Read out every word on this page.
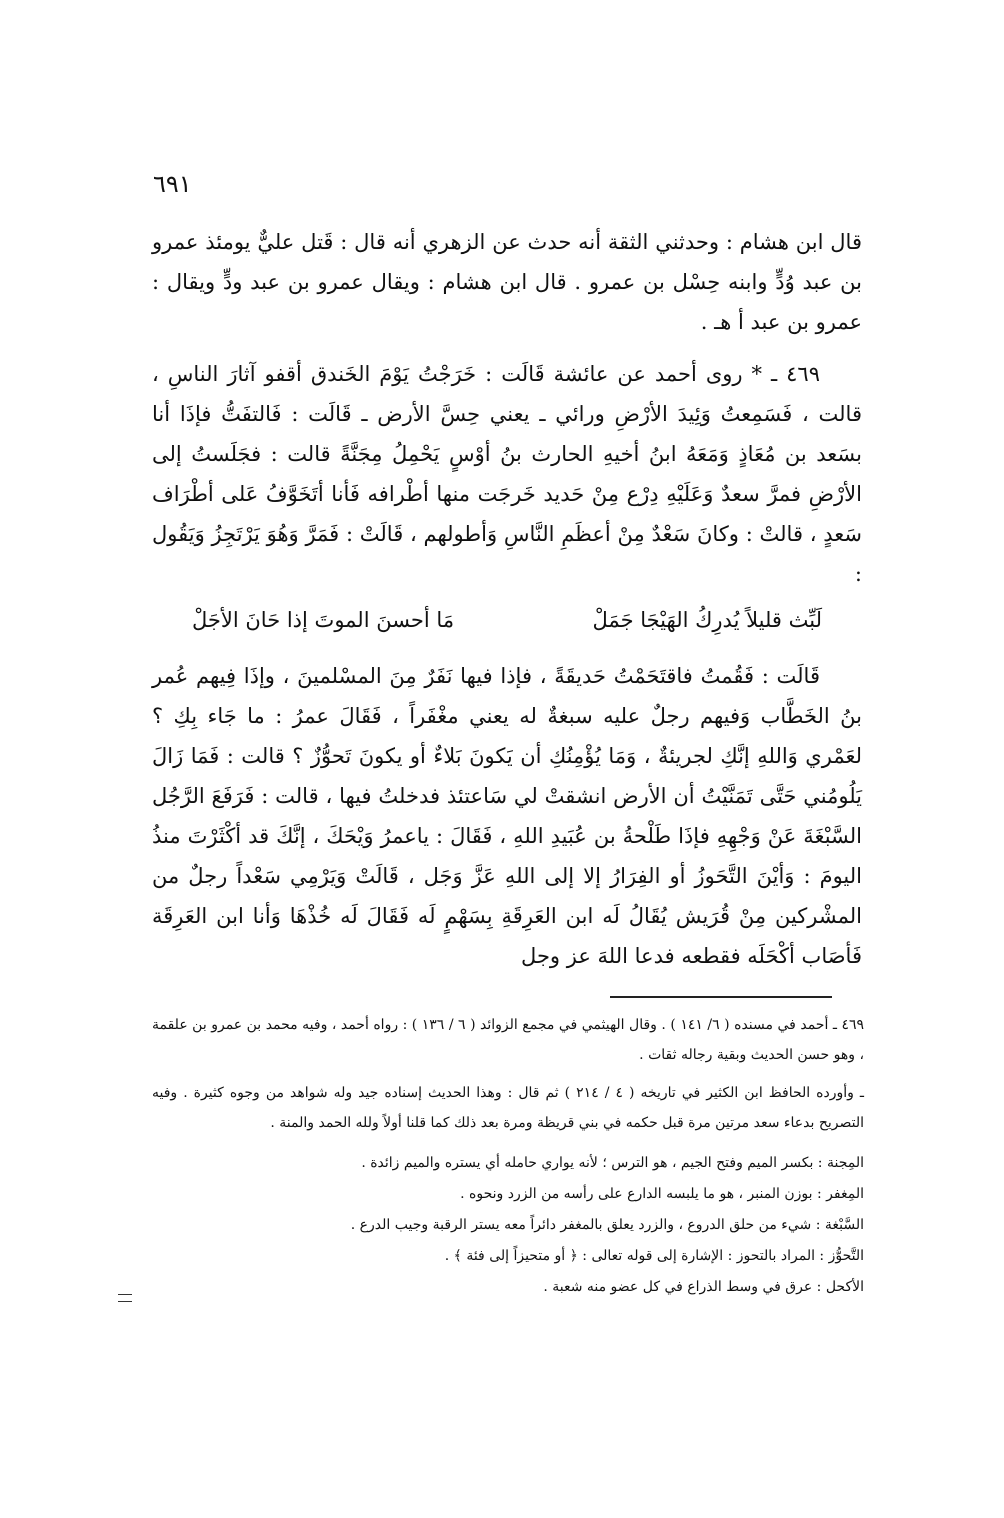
٦٩١

قال ابن هشام : وحدثني الثقة أنه حدث عن الزهري أنه قال : قَتل عليٌّ يومئذ عمرو بن عبد وُدٍّ وابنه حِسْل بن عمرو . قال ابن هشام : ويقال عمرو بن عبد ودٍّ ويقال : عمرو بن عبد أ هـ .

٤٦٩ ـ * روى أحمد عن عائشة قَالَت : خَرَجْتُ يَوْمَ الخَندق أقفو آثارَ الناسِ ، قالت ، فَسَمِعتُ وَئِيدَ الأرْضِ ورائي ـ يعني حِسَّ الأرض ـ قَالَت : فَالتفَتُّ فإذَا أنا بسَعد بن مُعَاذٍ وَمَعَهُ ابنُ أخيهِ الحارث بنُ أوْسٍ يَحْمِلُ مِجَنَّةً قالت : فجَلَستُ إلى الأرْضِ فمرَّ سعدٌ وَعَلَيْهِ دِرْع مِنْ حَديد خَرجَت منها أطْرافه فَأنا أتَخَوَّفُ عَلى أطْرَاف سَعدٍ ، قالتْ : وكانَ سَعْدٌ مِنْ أعظَمِ النَّاسِ وَأطولهم ، قَالَتْ : فَمَرَّ وَهُوَ يَرْتَجِزُ وَيَقُول :

لَبِّث قليلاً يُدرِكُ الهَيْجَا جَمَلْ
مَا أحسنَ الموتَ إذا حَانَ الأجَلْ

قَالَت : فَقُمتُ فاقتَحَمْتُ حَديقَةً ، فإذا فيها نَفَرٌ مِنَ المسْلمينَ ، وإذَا فِيهم عُمر بنُ الخَطَّاب وَفيهم رجلٌ عليه سبغةٌ له يعني مغْفَراً ، فَقَالَ عمرُ : ما جَاء بِكِ ؟ لعَمْري وَاللهِ إنَّكِ لجريئةٌ ، وَمَا يُؤْمِنُكِ أن يَكونَ بَلاءٌ أو يكونَ تَحوُّزٌ ؟ قالت : فَمَا زَالَ يَلُومُني حَتَّى تَمَنَّيْتُ أن الأرض انشقتْ لي سَاعتئذ فدخلتُ فيها ، قالت : فَرَفَعَ الرَّجُل السَّبْغَةَ عَنْ وَجْهِهِ فإذَا طَلْحةُ بن عُبَيدِ اللهِ ، فَقَالَ : ياعمرُ وَيْحَكَ ، إنَّكَ قد أكْثَرْتَ منذُ اليومَ : وَأيْنَ التَّحَوزُ أو الفِرَارُ إلا إلى اللهِ عَزَّ وَجَل ، قَالَتْ وَيَرْمِي سَعْداً رجلٌ من المشْركين مِنْ قُرَيش يُقَالُ لَه ابن العَرِقَةِ بِسَهْمٍ لَه فَقَالَ لَه خُذْهَا وَأنا ابن العَرِقَة فَأصَاب أكْحَلَه فقطعه فدعا اللهَ عز وجل

٤٦٩ ـ أحمد في مسنده ( ٦/ ١٤١ ) . وقال الهيثمي في مجمع الزوائد ( ٦ / ١٣٦ ) : رواه أحمد ، وفيه محمد بن عمرو بن علقمة ، وهو حسن الحديث وبقية رجاله ثقات .

ـ وأورده الحافظ ابن الكثير في تاريخه ( ٤ / ٢١٤ ) ثم قال : وهذا الحديث إسناده جيد وله شواهد من وجوه كثيرة . وفيه التصريح بدعاء سعد مرتين مرة قبل حكمه في بني قريظة ومرة بعد ذلك كما قلنا أولاً ولله الحمد والمنة .

المِجنة : بكسر الميم وفتح الجيم ، هو الترس ؛ لأنه يواري حامله أي يستره والميم زائدة .

المِغفر : بوزن المنبر ، هو ما يلبسه الدارع على رأسه من الزرد ونحوه .

السَّبْغة : شيء من حلق الدروع ، والزرد يعلق بالمغفر دائراً معه يستر الرقبة وجيب الدرع .

التَّحوُّز : المراد بالتحوز : الإشارة إلى قوله تعالى : ﴿ أو متحيزاً إلى فئة ﴾ .

الأكحل : عرق في وسط الذراع في كل عضو منه شعبة .
